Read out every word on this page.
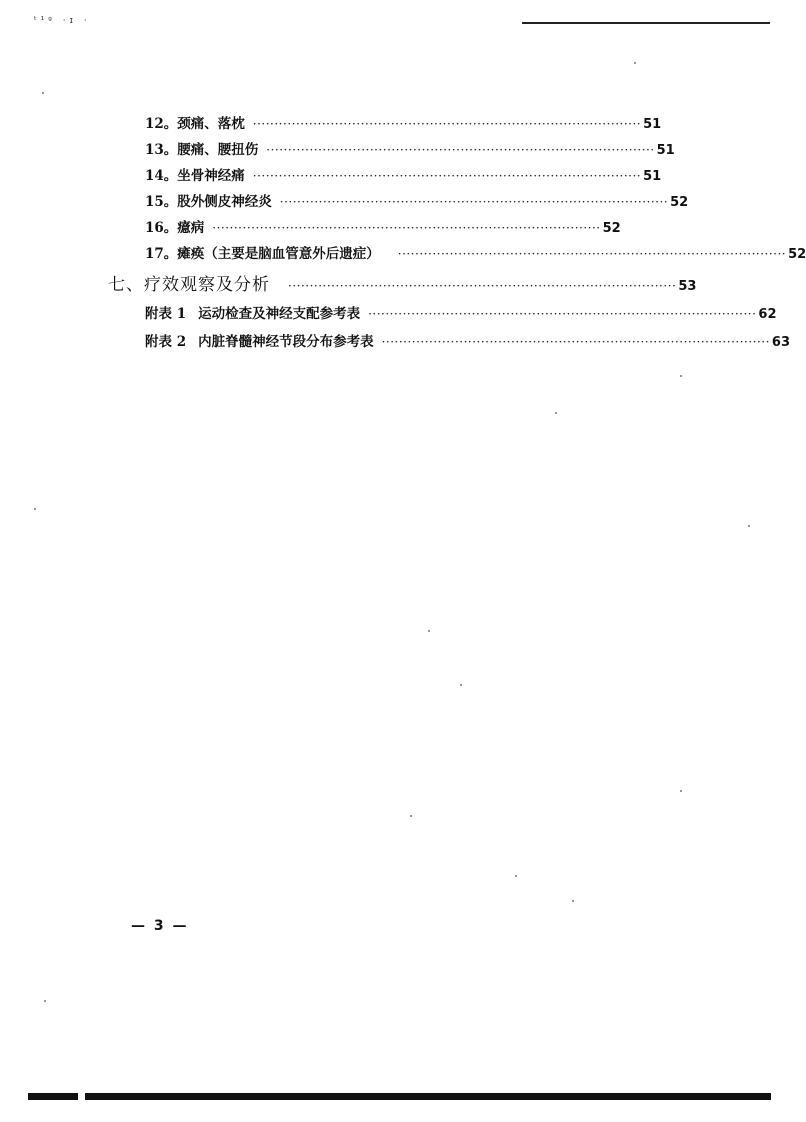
ᵗ¹ᵍ ·ɪ ·
12。 颈痛、落枕 ·························································································· 51
13。 腰痛、腰扭伤 ·························································································· 51
14。 坐骨神经痛 ·························································································· 51
15。 股外侧皮神经炎 ·························································································· 52
16。 癔病 ·························································································· 52
17。 瘫痪（主要是脑血管意外后遗症） ·························································································· 52
七、 疗效观察及分析 ·························································································· 53
附表 1 运动检查及神经支配参考表 ·························································································· 62
附表 2 内脏脊髓神经节段分布参考表 ·························································································· 63
— 3 —
